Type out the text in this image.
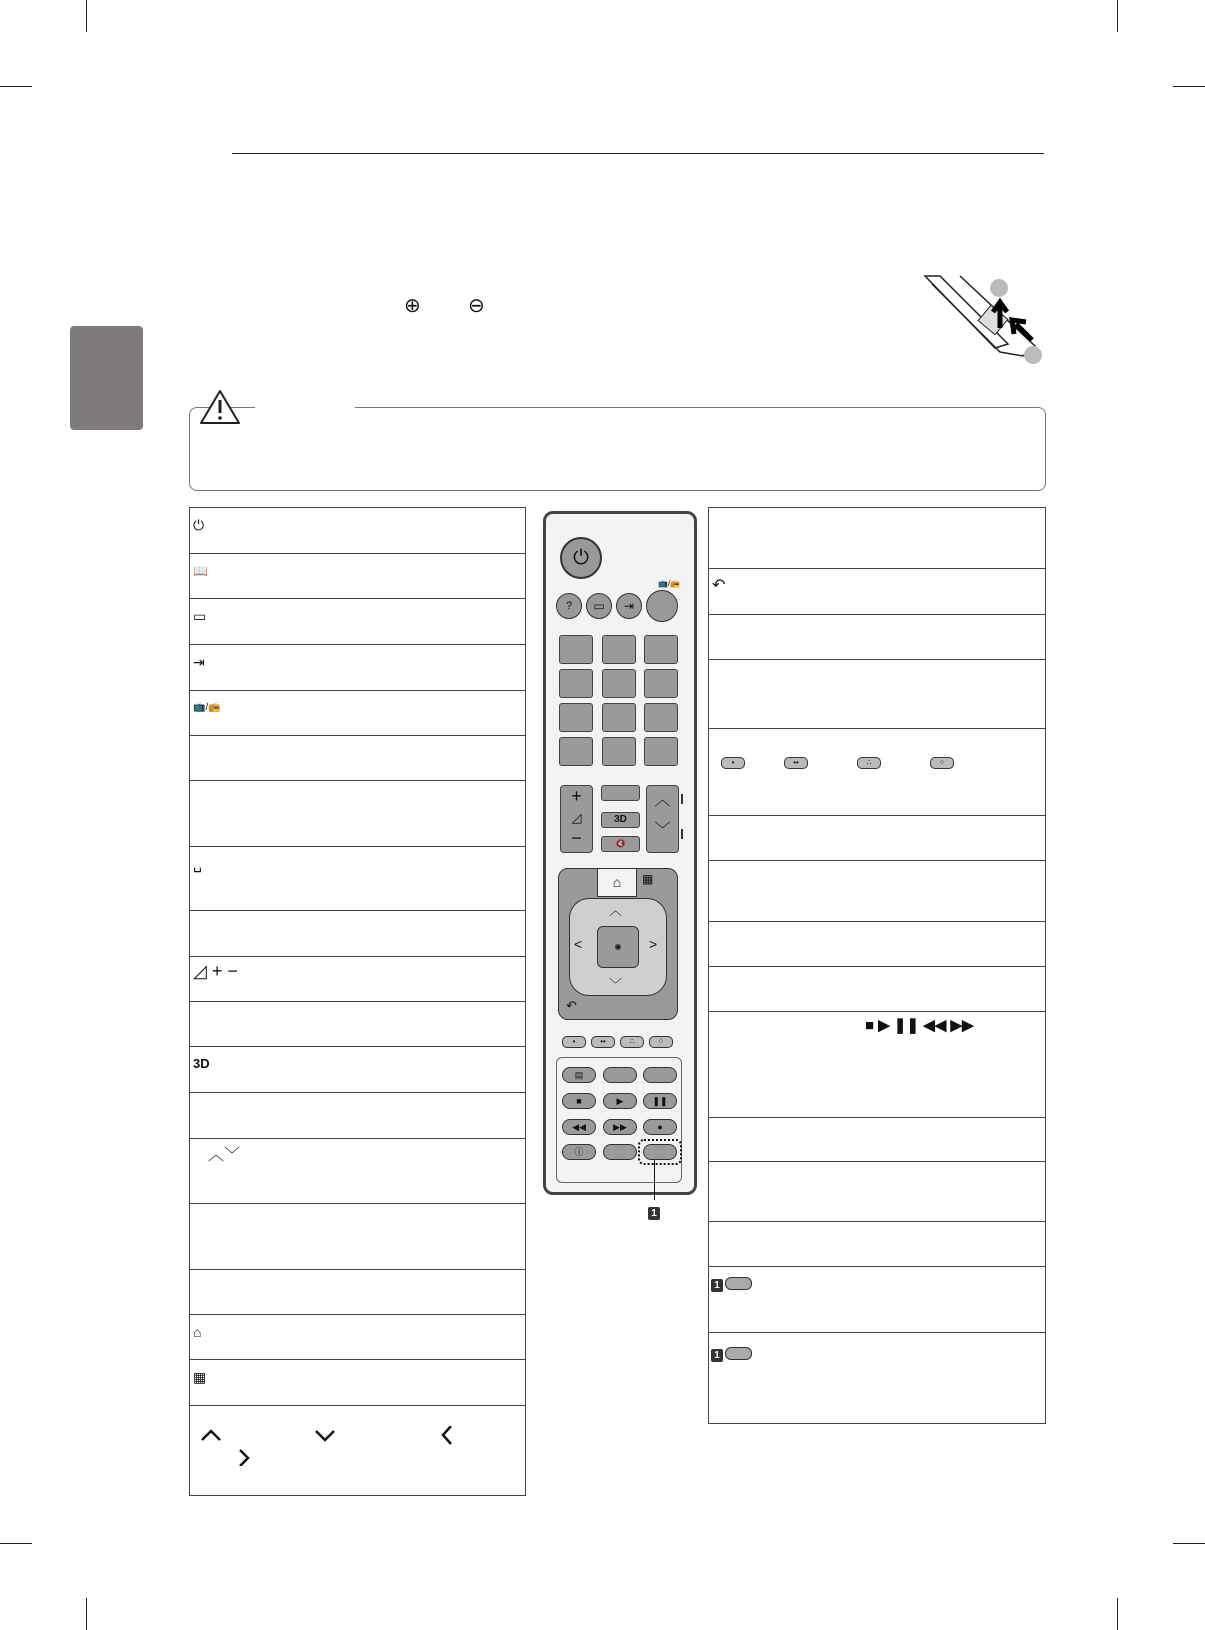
⊕ ⊖
⏻
📖
▭
⇥
📺/📻
␣
◿ + −
3D
︿﹀
⌂
▦
↶
•	••	∴	⁘
■ ▶ ❚❚ ◀◀ ▶▶
1
1
⏻
📺/📻
?	▭	⇥
+
◿
−
3D
🔇
︿
﹀
⌂	▦
◉
︿
﹀
<	>
↶
•	••	∴	⁘
▤
■	▶	❚❚
◀◀	▶▶	●
ⓘ
1
